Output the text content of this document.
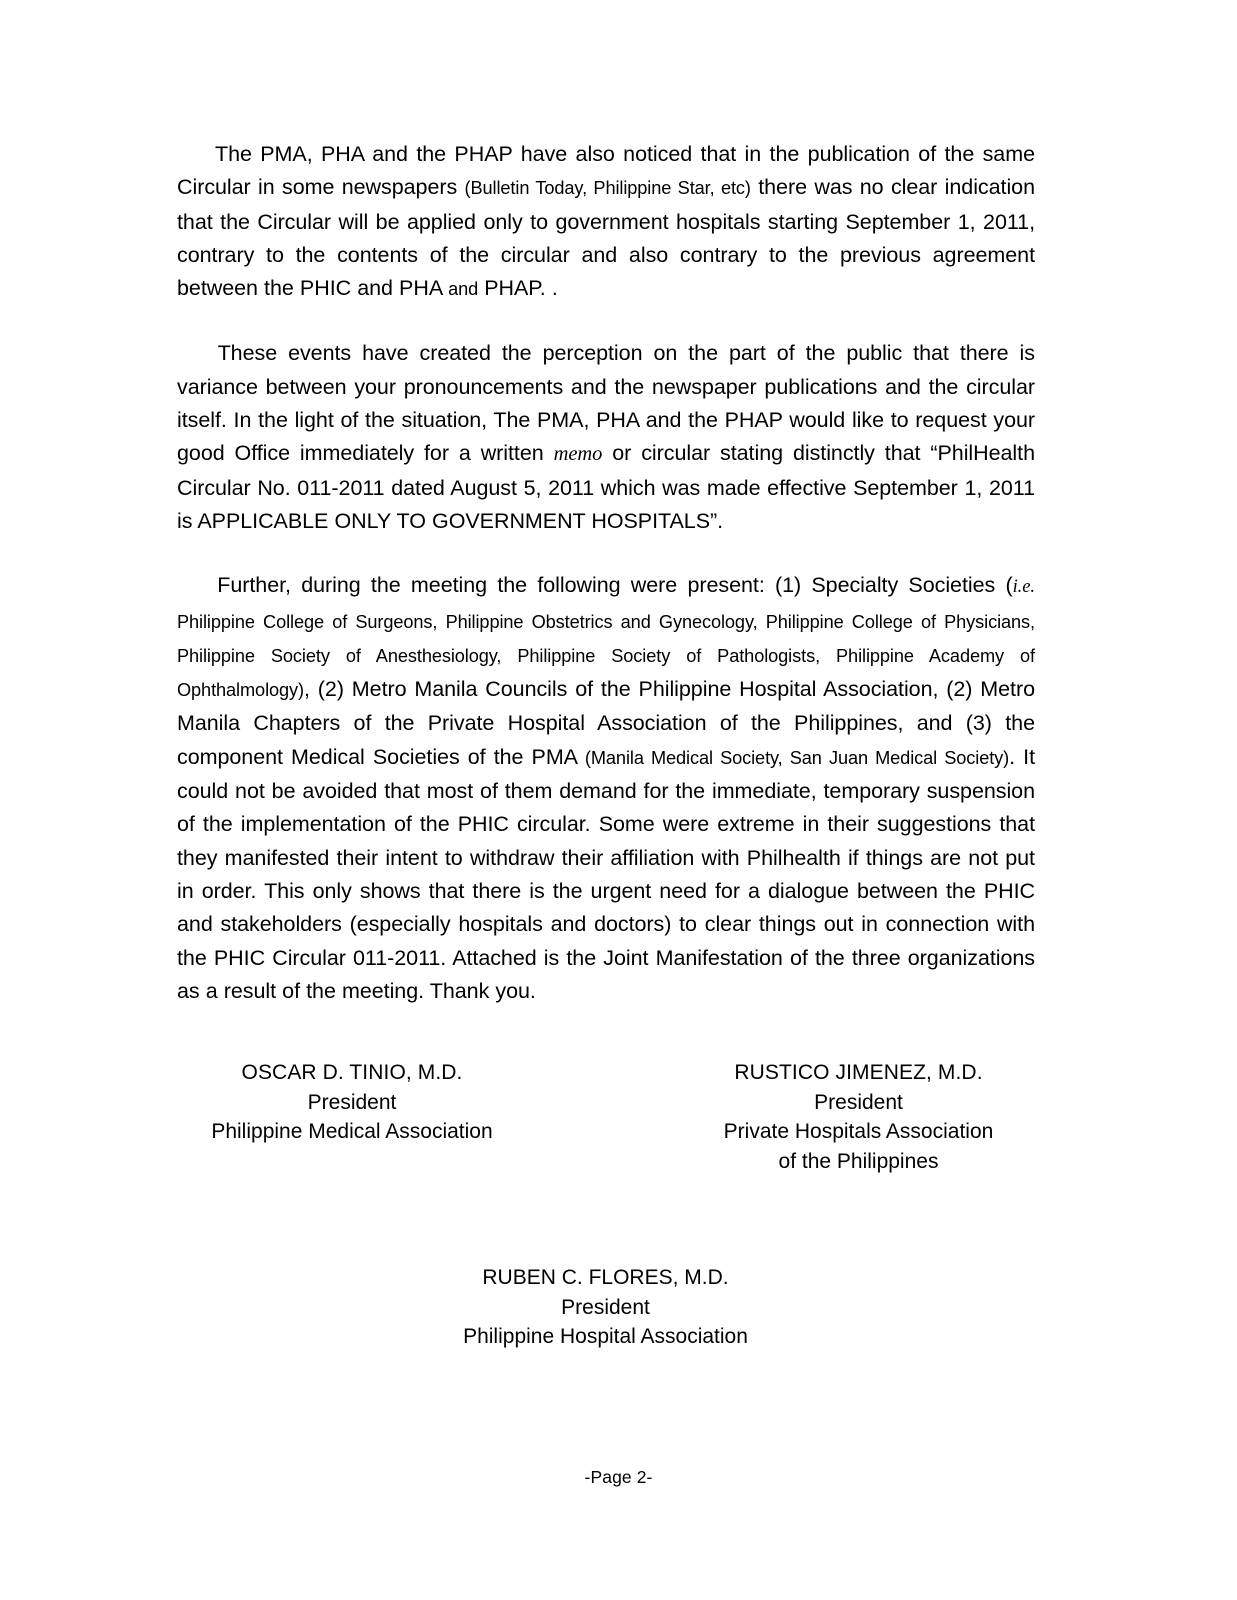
The PMA, PHA and the PHAP have also noticed that in the publication of the same Circular in some newspapers (Bulletin Today, Philippine Star, etc) there was no clear indication that the Circular will be applied only to government hospitals starting September 1, 2011, contrary to the contents of the circular and also contrary to the previous agreement between the PHIC and PHA and PHAP. .

These events have created the perception on the part of the public that there is variance between your pronouncements and the newspaper publications and the circular itself. In the light of the situation, The PMA, PHA and the PHAP would like to request your good Office immediately for a written memo or circular stating distinctly that “PhilHealth Circular No. 011-2011 dated August 5, 2011 which was made effective September 1, 2011 is APPLICABLE ONLY TO GOVERNMENT HOSPITALS”.

Further, during the meeting the following were present: (1) Specialty Societies (i.e. Philippine College of Surgeons, Philippine Obstetrics and Gynecology, Philippine College of Physicians, Philippine Society of Anesthesiology, Philippine Society of Pathologists, Philippine Academy of Ophthalmology), (2) Metro Manila Councils of the Philippine Hospital Association, (2) Metro Manila Chapters of the Private Hospital Association of the Philippines, and (3) the component Medical Societies of the PMA (Manila Medical Society, San Juan Medical Society). It could not be avoided that most of them demand for the immediate, temporary suspension of the implementation of the PHIC circular. Some were extreme in their suggestions that they manifested their intent to withdraw their affiliation with Philhealth if things are not put in order. This only shows that there is the urgent need for a dialogue between the PHIC and stakeholders (especially hospitals and doctors) to clear things out in connection with the PHIC Circular 011-2011. Attached is the Joint Manifestation of the three organizations as a result of the meeting. Thank you.

OSCAR D. TINIO, M.D.
President
Philippine Medical Association
RUSTICO JIMENEZ, M.D.
President
Private Hospitals Association
of the Philippines
RUBEN C. FLORES, M.D.
President
Philippine Hospital Association
-Page 2-
